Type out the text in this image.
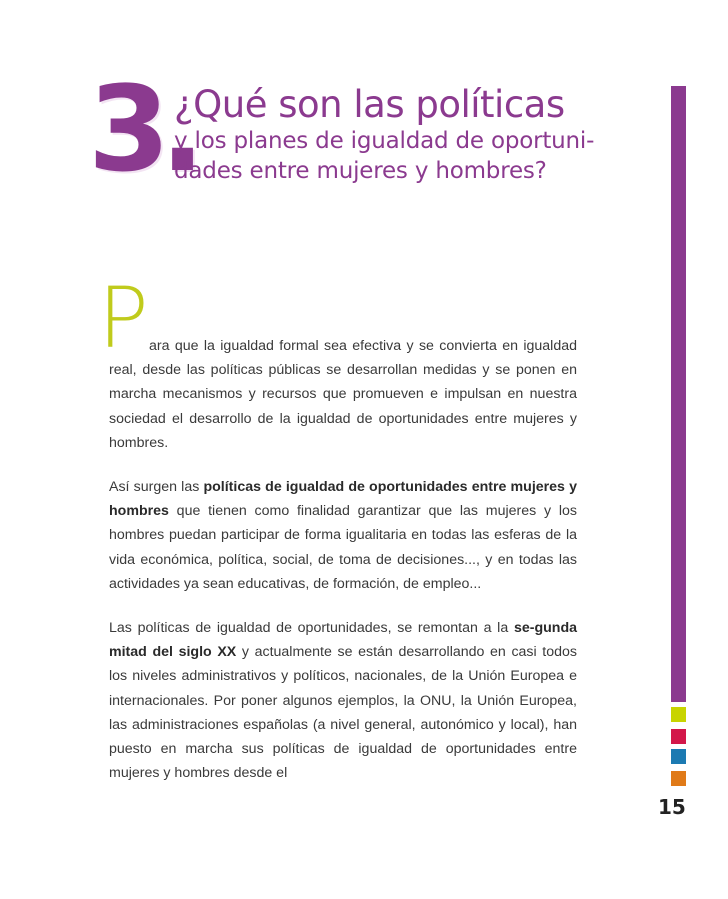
3.
¿Qué son las políticas
y los planes de igualdad de oportuni-
dades entre mujeres y hombres?
15
P ara que la igualdad formal sea efectiva y se convierta en igualdad real, desde las políticas públicas se desarrollan medidas y se ponen en marcha mecanismos y recursos que promueven e impulsan en nuestra sociedad el desarrollo de la igualdad de oportunidades entre mujeres y hombres.

Así surgen las políticas de igualdad de oportunidades entre mujeres y hombres que tienen como finalidad garantizar que las mujeres y los hombres puedan participar de forma igualitaria en todas las esferas de la vida económica, política, social, de toma de decisiones..., y en todas las actividades ya sean educativas, de formación, de empleo...

Las políticas de igualdad de oportunidades, se remontan a la se-gunda mitad del siglo XX y actualmente se están desarrollando en casi todos los niveles administrativos y políticos, nacionales, de la Unión Europea e internacionales. Por poner algunos ejemplos, la ONU, la Unión Europea, las administraciones españolas (a nivel general, autonómico y local), han puesto en marcha sus políticas de igualdad de oportunidades entre mujeres y hombres desde el
